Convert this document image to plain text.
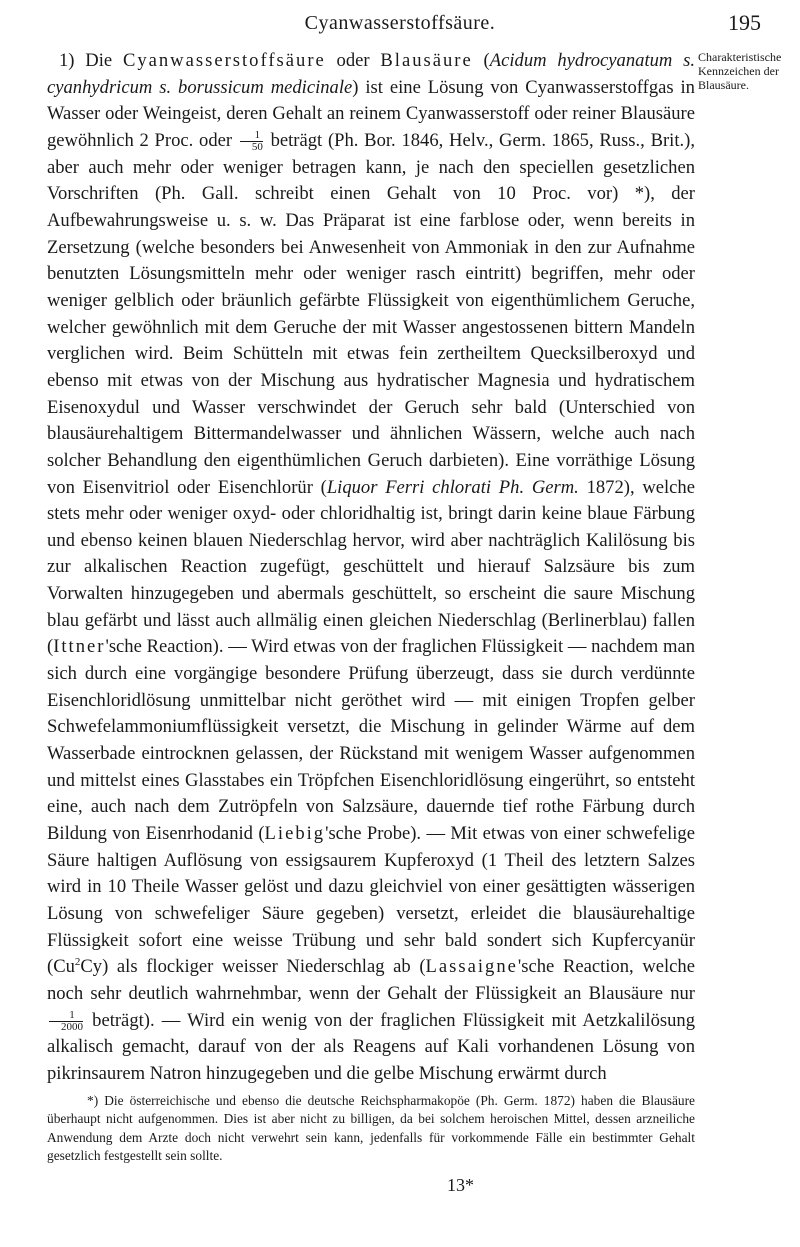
Cyanwasserstoffsäure.	195
Charakteristische Kennzeichen der Blausäure.

1) Die Cyanwasserstoffsäure oder Blausäure (Acidum hydrocyanatum s. cyanhydricum s. borussicum medicinale) ist eine Lösung von Cyanwasserstoffgas in Wasser oder Weingeist, deren Gehalt an reinem Cyanwasserstoff oder reiner Blausäure gewöhnlich 2 Proc. oder $\frac{1}{50}$ beträgt (Ph. Bor. 1846, Helv., Germ. 1865, Russ., Brit.), aber auch mehr oder weniger betragen kann, je nach den speciellen gesetzlichen Vorschriften (Ph. Gall. schreibt einen Gehalt von 10 Proc. vor) *), der Aufbewahrungsweise u. s. w. Das Präparat ist eine farblose oder, wenn bereits in Zersetzung (welche besonders bei Anwesenheit von Ammoniak in den zur Aufnahme benutzten Lösungsmitteln mehr oder weniger rasch eintritt) begriffen, mehr oder weniger gelblich oder bräunlich gefärbte Flüssigkeit von eigenthümlichem Geruche, welcher gewöhnlich mit dem Geruche der mit Wasser angestossenen bittern Mandeln verglichen wird. Beim Schütteln mit etwas fein zertheiltem Quecksilberoxyd und ebenso mit etwas von der Mischung aus hydratischer Magnesia und hydratischem Eisenoxydul und Wasser verschwindet der Geruch sehr bald (Unterschied von blausäurehaltigem Bittermandelwasser und ähnlichen Wässern, welche auch nach solcher Behandlung den eigenthümlichen Geruch darbieten). Eine vorräthige Lösung von Eisenvitriol oder Eisenchlorür (Liquor Ferri chlorati Ph. Germ. 1872), welche stets mehr oder weniger oxyd- oder chloridhaltig ist, bringt darin keine blaue Färbung und ebenso keinen blauen Niederschlag hervor, wird aber nachträglich Kalilösung bis zur alkalischen Reaction zugefügt, geschüttelt und hierauf Salzsäure bis zum Vorwalten hinzugegeben und abermals geschüttelt, so erscheint die saure Mischung blau gefärbt und lässt auch allmälig einen gleichen Niederschlag (Berlinerblau) fallen (Ittner'sche Reaction). — Wird etwas von der fraglichen Flüssigkeit — nachdem man sich durch eine vorgängige besondere Prüfung überzeugt, dass sie durch verdünnte Eisenchloridlösung unmittelbar nicht geröthet wird — mit einigen Tropfen gelber Schwefelammoniumflüssigkeit versetzt, die Mischung in gelinder Wärme auf dem Wasserbade eintrocknen gelassen, der Rückstand mit wenigem Wasser aufgenommen und mittelst eines Glasstabes ein Tröpfchen Eisenchloridlösung eingerührt, so entsteht eine, auch nach dem Zutröpfeln von Salzsäure, dauernde tief rothe Färbung durch Bildung von Eisenrhodanid (Liebig'sche Probe). — Mit etwas von einer schwefelige Säure haltigen Auflösung von essigsaurem Kupferoxyd (1 Theil des letztern Salzes wird in 10 Theile Wasser gelöst und dazu gleichviel von einer gesättigten wässerigen Lösung von schwefeliger Säure gegeben) versetzt, erleidet die blausäurehaltige Flüssigkeit sofort eine weisse Trübung und sehr bald sondert sich Kupfercyanür (Cu$^2$Cy) als flockiger weisser Niederschlag ab (Lassaigne'sche Reaction, welche noch sehr deutlich wahrnehmbar, wenn der Gehalt der Flüssigkeit an Blausäure nur
$\frac{1}{2000}$ beträgt). — Wird ein wenig von der fraglichen Flüssigkeit mit Aetzkalilösung alkalisch gemacht, darauf von der als Reagens auf Kali vorhandenen Lösung von pikrinsaurem Natron hinzugegeben und die gelbe Mischung erwärmt durch

*) Die österreichische und ebenso die deutsche Reichspharmakopöe (Ph. Germ. 1872) haben die Blausäure überhaupt nicht aufgenommen. Dies ist aber nicht zu billigen, da bei solchem heroischen Mittel, dessen arzneiliche Anwendung dem Arzte doch nicht verwehrt sein kann, jedenfalls für vorkommende Fälle ein bestimmter Gehalt gesetzlich festgestellt sein sollte.

13*
